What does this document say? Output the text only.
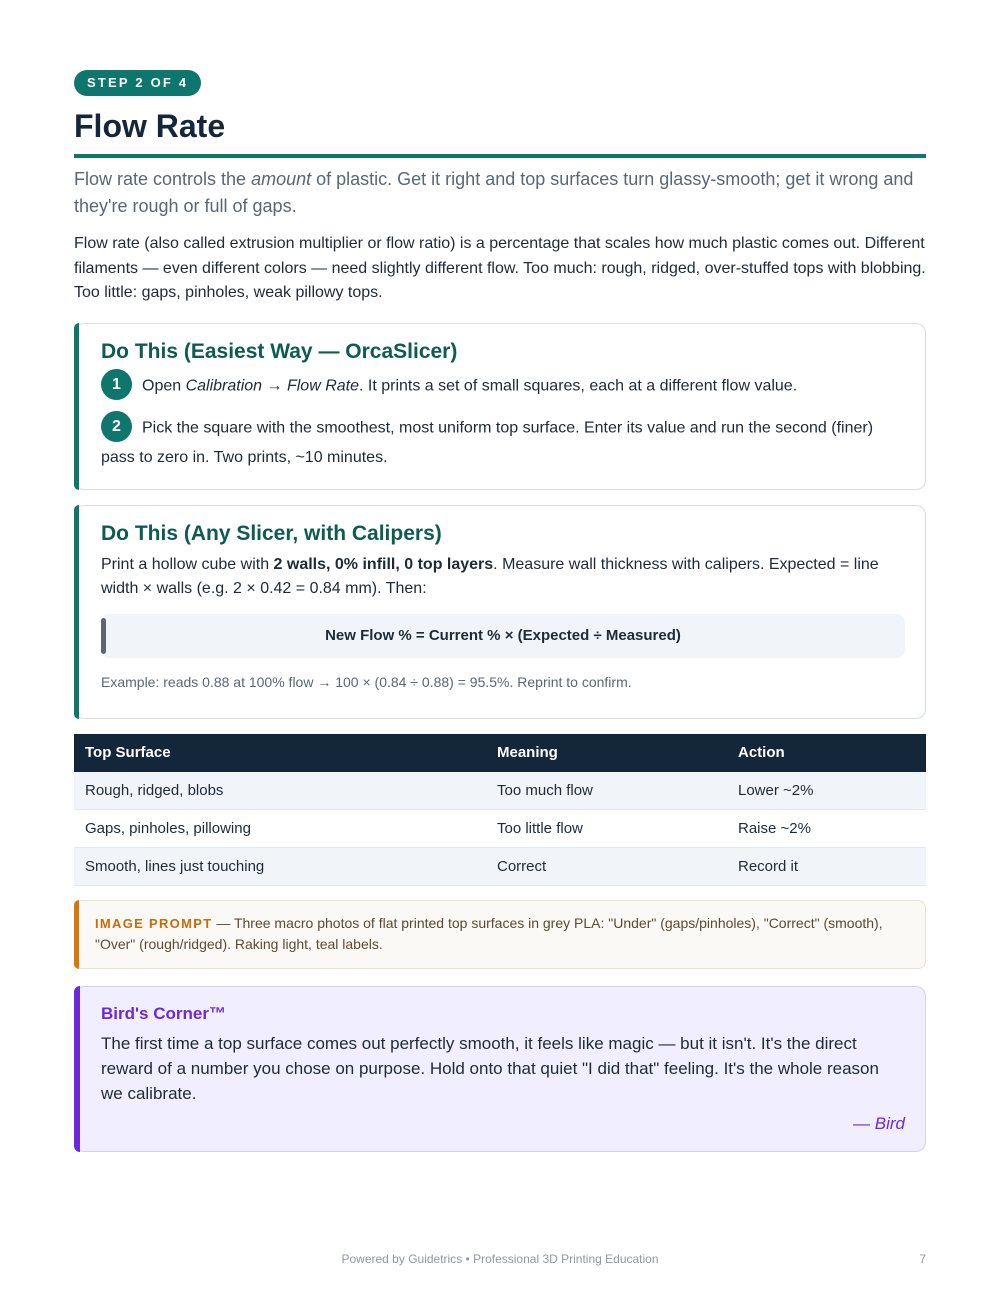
STEP 2 OF 4
Flow Rate

Flow rate controls the amount of plastic. Get it right and top surfaces turn glassy-smooth; get it wrong and they're rough or full of gaps.

Flow rate (also called extrusion multiplier or flow ratio) is a percentage that scales how much plastic comes out. Different filaments — even different colors — need slightly different flow. Too much: rough, ridged, over-stuffed tops with blobbing. Too little: gaps, pinholes, weak pillowy tops.

Do This (Easiest Way — OrcaSlicer)
1 Open Calibration → Flow Rate. It prints a set of small squares, each at a different flow value.
2 Pick the square with the smoothest, most uniform top surface. Enter its value and run the second (finer) pass to zero in. Two prints, ~10 minutes.
Do This (Any Slicer, with Calipers)

Print a hollow cube with 2 walls, 0% infill, 0 top layers. Measure wall thickness with calipers. Expected = line width × walls (e.g. 2 × 0.42 = 0.84 mm). Then:

New Flow % = Current % × (Expected ÷ Measured)
Example: reads 0.88 at 100% flow → 100 × (0.84 ÷ 0.88) = 95.5%. Reprint to confirm.
Top Surface	Meaning	Action
Rough, ridged, blobs	Too much flow	Lower ~2%
Gaps, pinholes, pillowing	Too little flow	Raise ~2%
Smooth, lines just touching	Correct	Record it
IMAGE PROMPT — Three macro photos of flat printed top surfaces in grey PLA: "Under" (gaps/pinholes), "Correct" (smooth), "Over" (rough/ridged). Raking light, teal labels.
Bird's Corner™

The first time a top surface comes out perfectly smooth, it feels like magic — but it isn't. It's the direct reward of a number you chose on purpose. Hold onto that quiet "I did that" feeling. It's the whole reason we calibrate.

— Bird
Powered by Guidetrics • Professional 3D Printing Education	7
